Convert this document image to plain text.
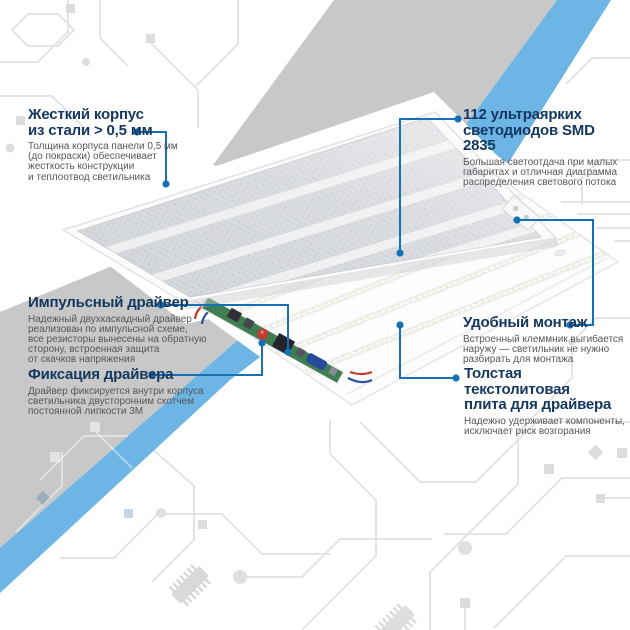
Жесткий корпус
из стали > 0,5 мм
Толщина корпуса панели 0,5 мм
(до покраски) обеспечивает
жесткость конструкции
и теплоотвод светильника
112 ультраярких
светодиодов SMD 2835
Большая светоотдача при малых
габаритах и отличная диаграмма
распределения светового потока
Импульсный драйвер
Надежный двухкаскадный драйвер
реализован по импульсной схеме,
все резисторы вынесены на обратную
сторону, встроенная защита
от скачков напряжения
Фиксация драйвера
Драйвер фиксируется внутри корпуса
светильника двусторонним скотчем
постоянной липкости 3М
Удобный монтаж
Встроенный клеммник выгибается
наружу — светильник не нужно
разбирать для монтажа
Толстая текстолитовая
плита для драйвера
Надежно удерживает компоненты,
исключает риск возгорания
